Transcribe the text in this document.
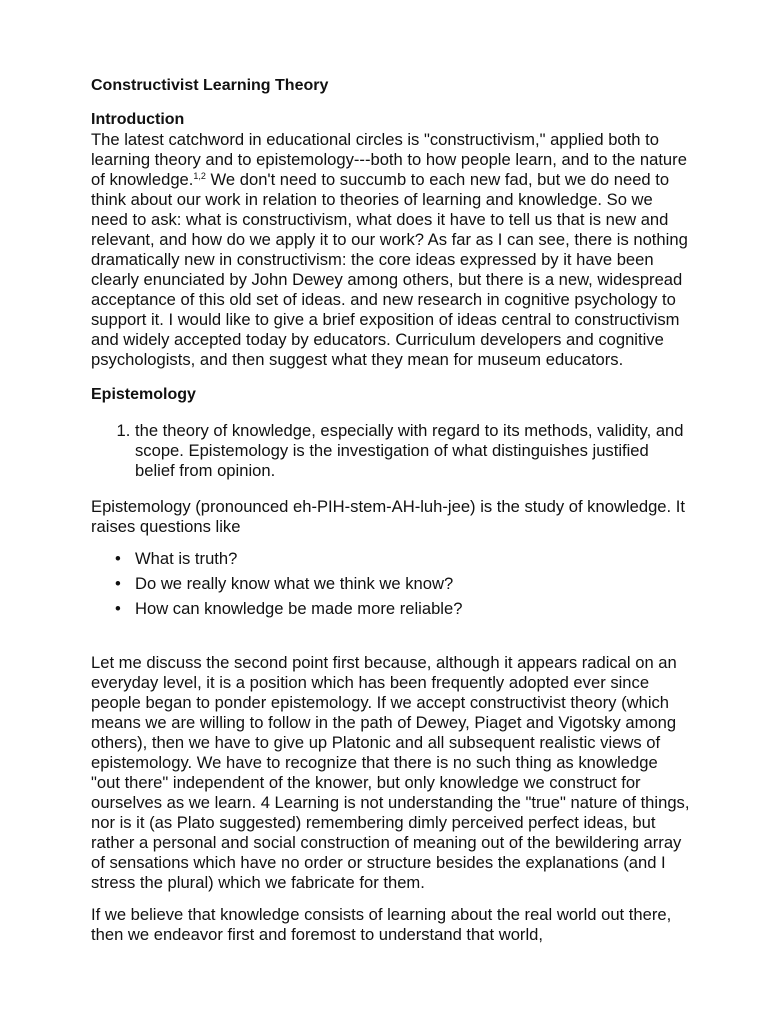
Constructivist Learning Theory
Introduction

The latest catchword in educational circles is "constructivism," applied both to learning theory and to epistemology---both to how people learn, and to the nature of knowledge.$^{1,2}$ We don't need to succumb to each new fad, but we do need to think about our work in relation to theories of learning and knowledge. So we need to ask: what is constructivism, what does it have to tell us that is new and relevant, and how do we apply it to our work? As far as I can see, there is nothing dramatically new in constructivism: the core ideas expressed by it have been clearly enunciated by John Dewey among others, but there is a new, widespread acceptance of this old set of ideas. and new research in cognitive psychology to support it. I would like to give a brief exposition of ideas central to constructivism and widely accepted today by educators. Curriculum developers and cognitive psychologists, and then suggest what they mean for museum educators.

Epistemology
1. the theory of knowledge, especially with regard to its methods, validity, and scope. Epistemology is the investigation of what distinguishes justified belief from opinion.

Epistemology (pronounced eh-PIH-stem-AH-luh-jee) is the study of knowledge. It raises questions like

• What is truth?
• Do we really know what we think we know?
• How can knowledge be made more reliable?

Let me discuss the second point first because, although it appears radical on an everyday level, it is a position which has been frequently adopted ever since people began to ponder epistemology. If we accept constructivist theory (which means we are willing to follow in the path of Dewey, Piaget and Vigotsky among others), then we have to give up Platonic and all subsequent realistic views of epistemology. We have to recognize that there is no such thing as knowledge "out there" independent of the knower, but only knowledge we construct for ourselves as we learn. 4 Learning is not understanding the "true" nature of things, nor is it (as Plato suggested) remembering dimly perceived perfect ideas, but rather a personal and social construction of meaning out of the bewildering array of sensations which have no order or structure besides the explanations (and I stress the plural) which we fabricate for them.

If we believe that knowledge consists of learning about the real world out there, then we endeavor first and foremost to understand that world,
